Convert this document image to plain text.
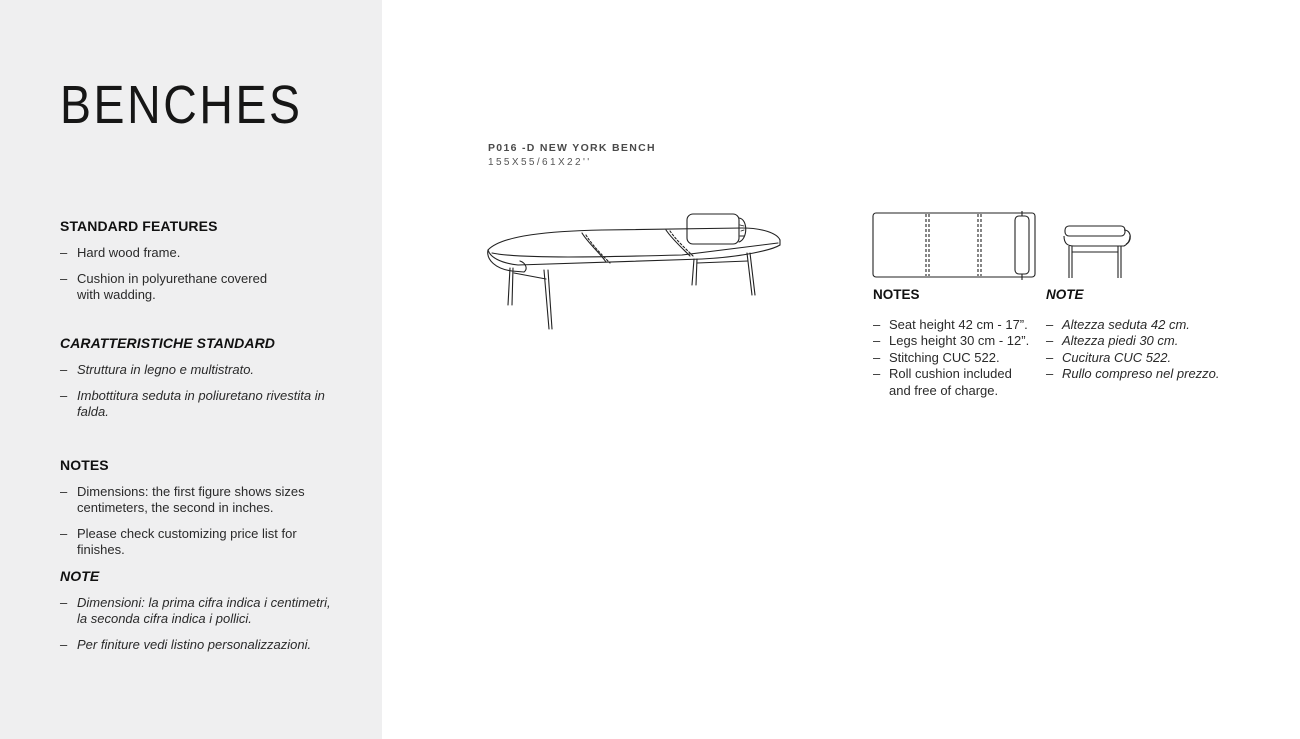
BENCHES
STANDARD FEATURES
– Hard wood frame.
– Cushion in polyurethane covered with wadding.
CARATTERISTICHE STANDARD
– Struttura in legno e multistrato.
– Imbottitura seduta in poliuretano rivestita in falda.
NOTES
– Dimensions: the first figure shows sizes centimeters, the second in inches.
– Please check customizing price list for finishes.
NOTE
– Dimensioni: la prima cifra indica i centimetri, la seconda cifra indica i pollici.
– Per finiture vedi listino personalizzazioni.
P016 -D NEW YORK BENCH
155X55/61X22''
NOTES
– Seat height 42 cm - 17”.
– Legs height 30 cm - 12”.
– Stitching CUC 522.
– Roll cushion included and free of charge.
NOTE
– Altezza seduta 42 cm.
– Altezza piedi 30 cm.
– Cucitura CUC 522.
– Rullo compreso nel prezzo.
